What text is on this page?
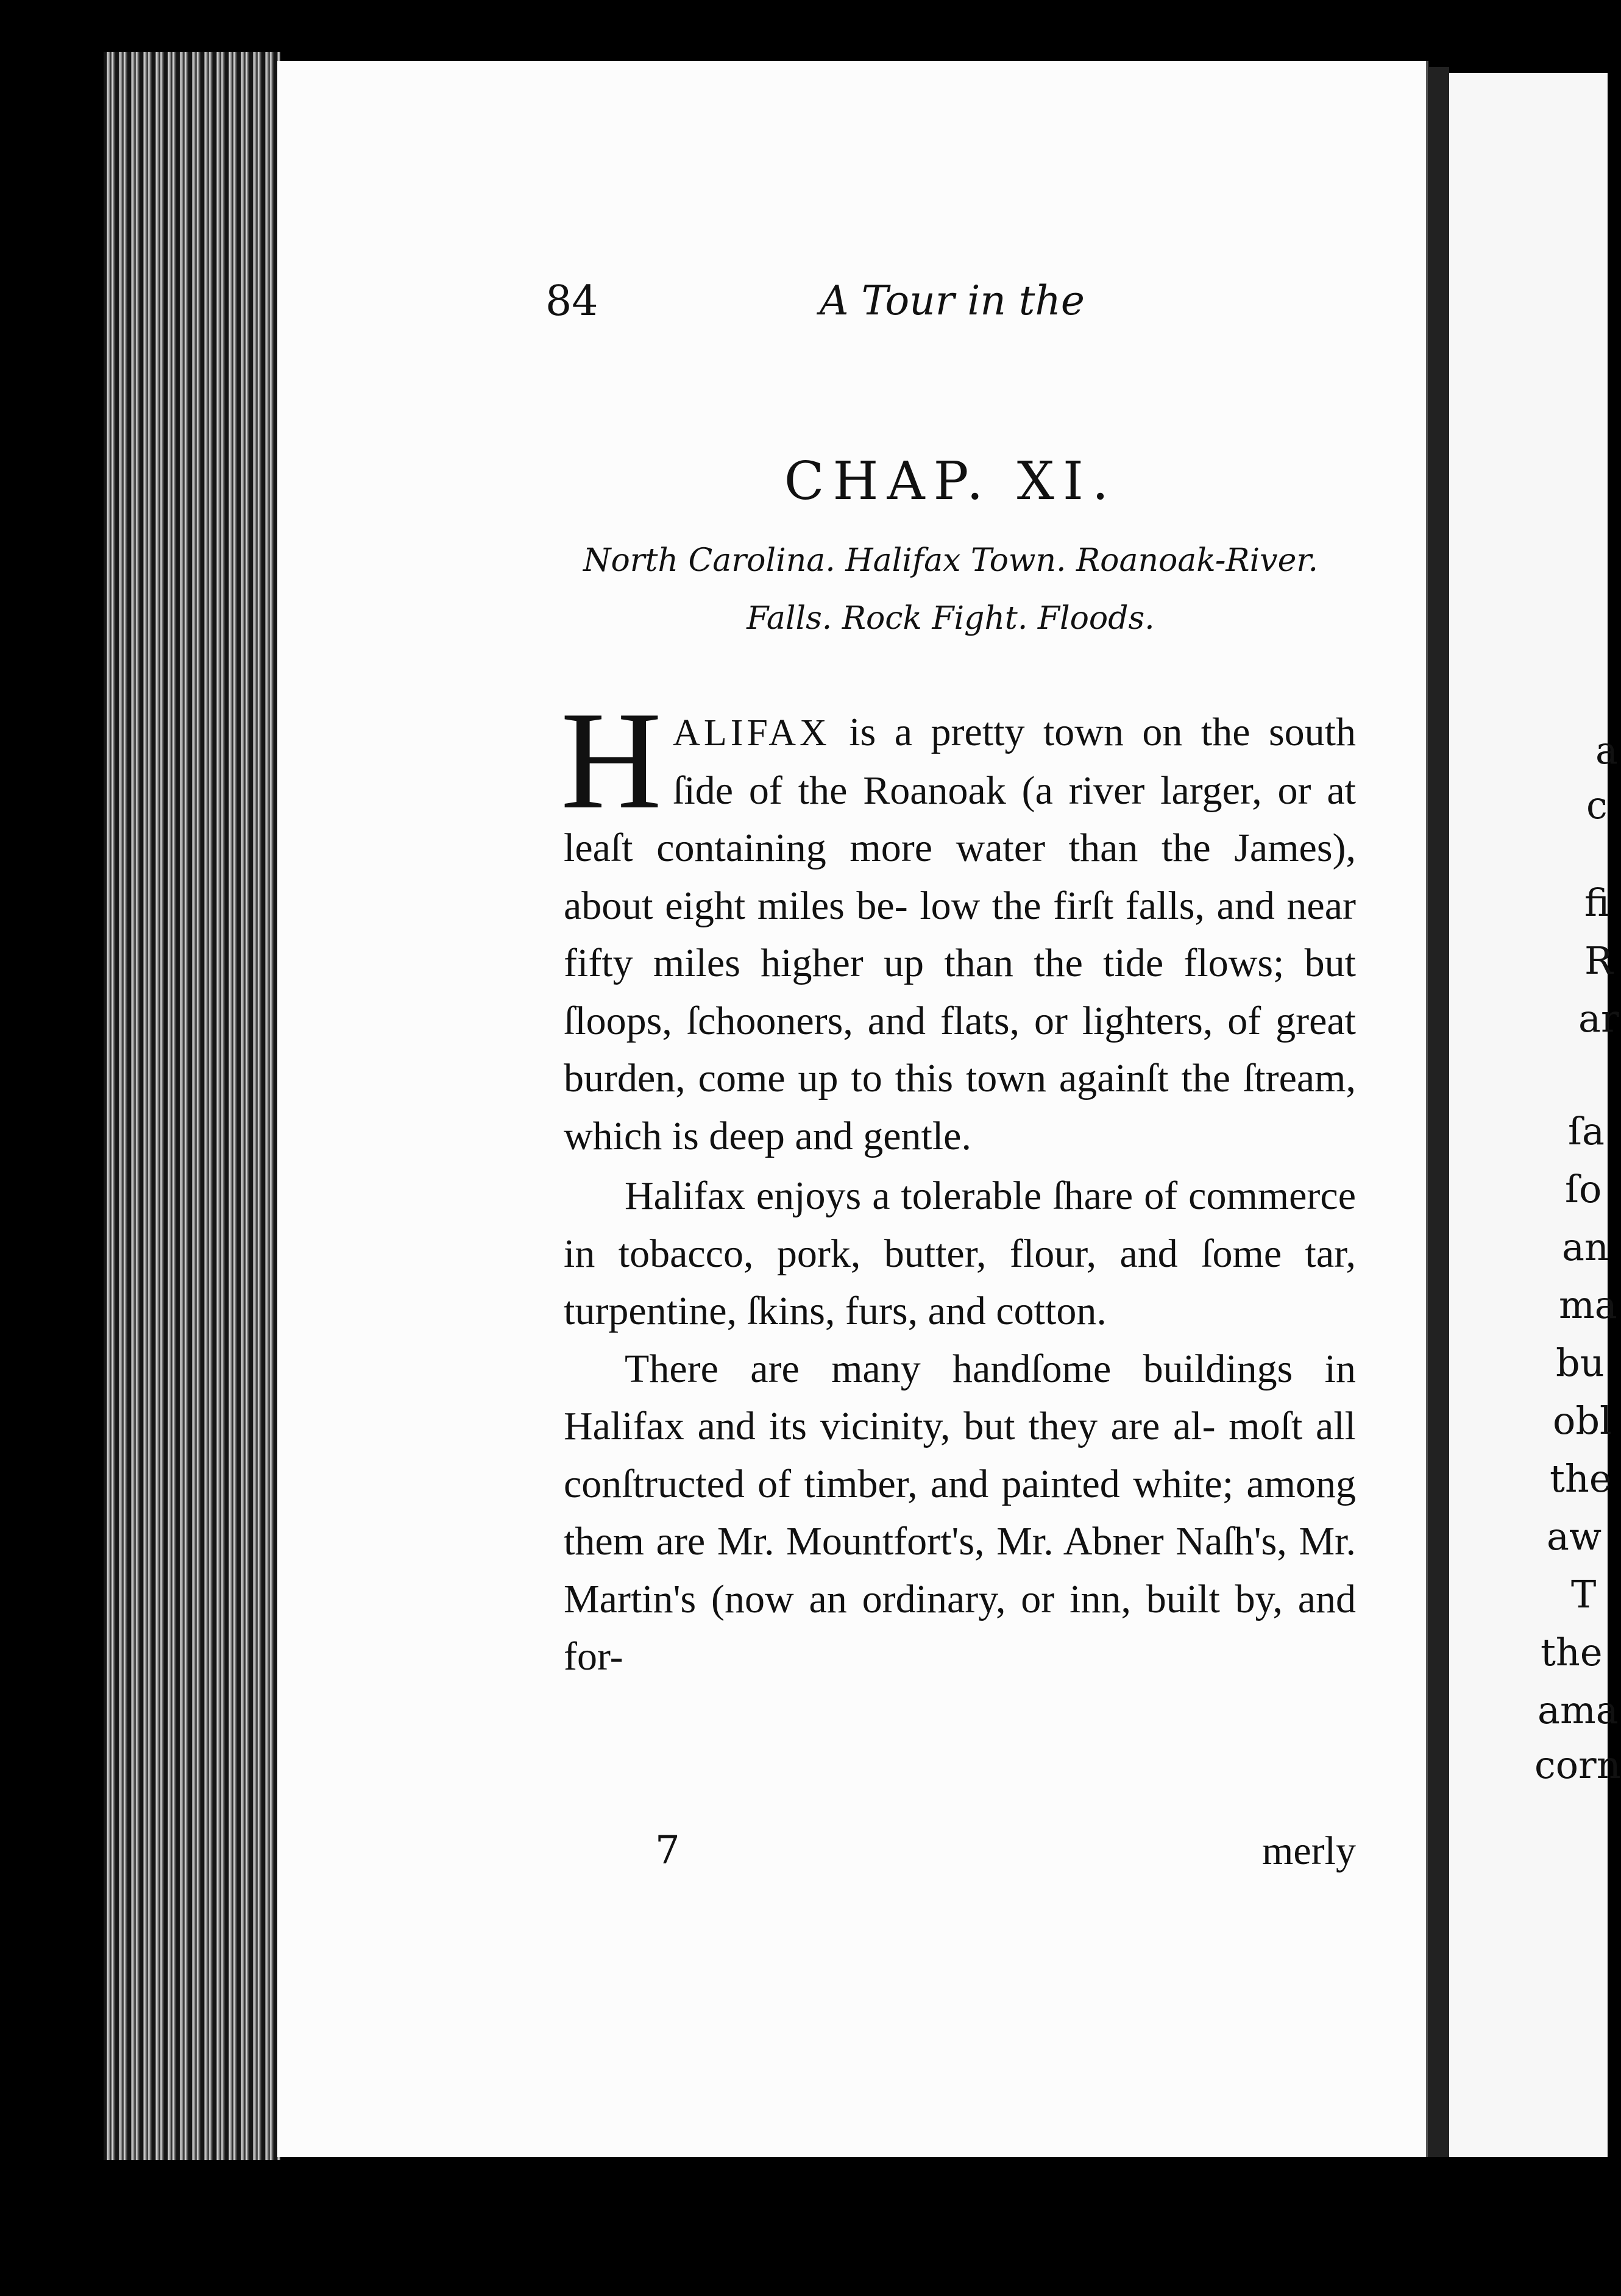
a
c
fi
R
ar
ſa
ſo
an
ma
bu
obl
the
aw
T
the
ama
corn
84	A Tour in the
CHAP. XI.
North Carolina. Halifax Town. Roanoak-River.
Falls. Rock Fight. Floods.

HALIFAX is a pretty town on the south ſide of the Roanoak (a river larger, or at leaſt containing more water than the James), about eight miles be- low the firſt falls, and near fifty miles higher up than the tide flows; but ſloops, ſchooners, and flats, or lighters, of great burden, come up to this town againſt the ſtream, which is deep and gentle.

Halifax enjoys a tolerable ſhare of commerce in tobacco, pork, butter, flour, and ſome tar, turpentine, ſkins, furs, and cotton.

There are many handſome buildings in Halifax and its vicinity, but they are al- moſt all conſtructed of timber, and painted white; among them are Mr. Mountfort's, Mr. Abner Naſh's, Mr. Martin's (now an ordinary, or inn, built by, and for-

7	merly
